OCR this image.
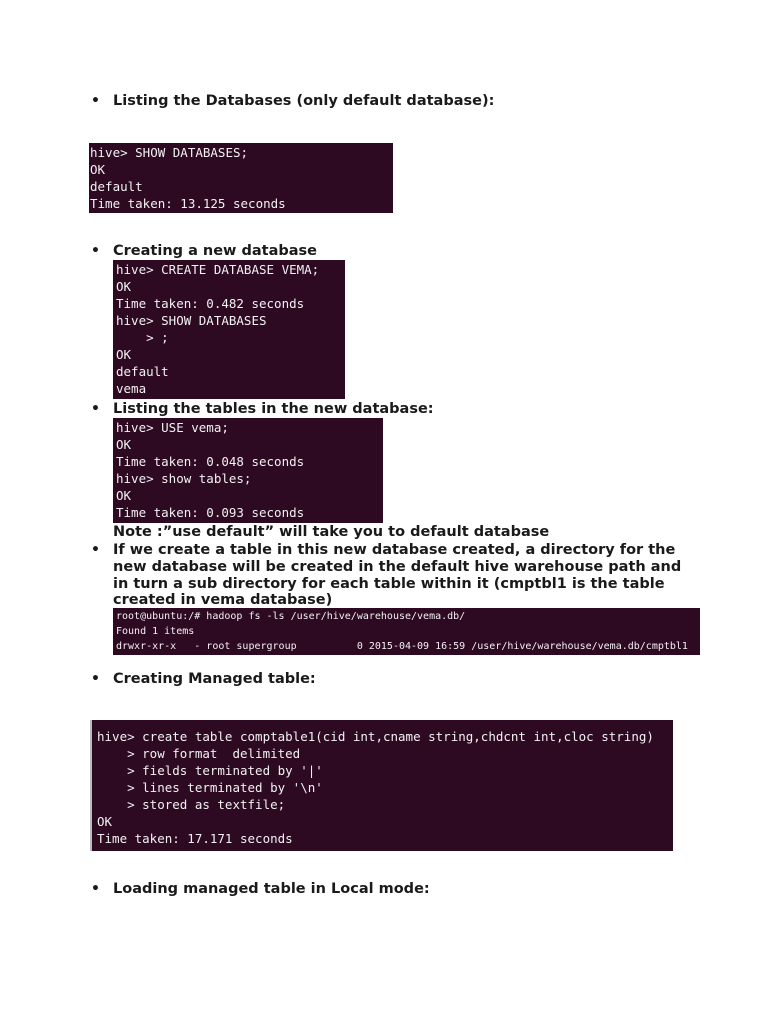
• Listing the Databases (only default database):
hive> SHOW DATABASES;
OK
default
Time taken: 13.125 seconds
• Creating a new database
hive> CREATE DATABASE VEMA;
OK
Time taken: 0.482 seconds
hive> SHOW DATABASES
> ;
OK
default
vema
• Listing the tables in the new database:
hive> USE vema;
OK
Time taken: 0.048 seconds
hive> show tables;
OK
Time taken: 0.093 seconds
Note :”use default” will take you to default database
• If we create a table in this new database created, a directory for the
new database will be created in the default hive warehouse path and
in turn a sub directory for each table within it (cmptbl1 is the table
created in vema database)
root@ubuntu:/# hadoop fs -ls /user/hive/warehouse/vema.db/
Found 1 items
drwxr-xr-x   - root supergroup          0 2015-04-09 16:59 /user/hive/warehouse/vema.db/cmptbl1
• Creating Managed table:
hive> create table comptable1(cid int,cname string,chdcnt int,cloc string)
> row format  delimited
> fields terminated by '|'
> lines terminated by '\n'
> stored as textfile;
OK
Time taken: 17.171 seconds
• Loading managed table in Local mode:
